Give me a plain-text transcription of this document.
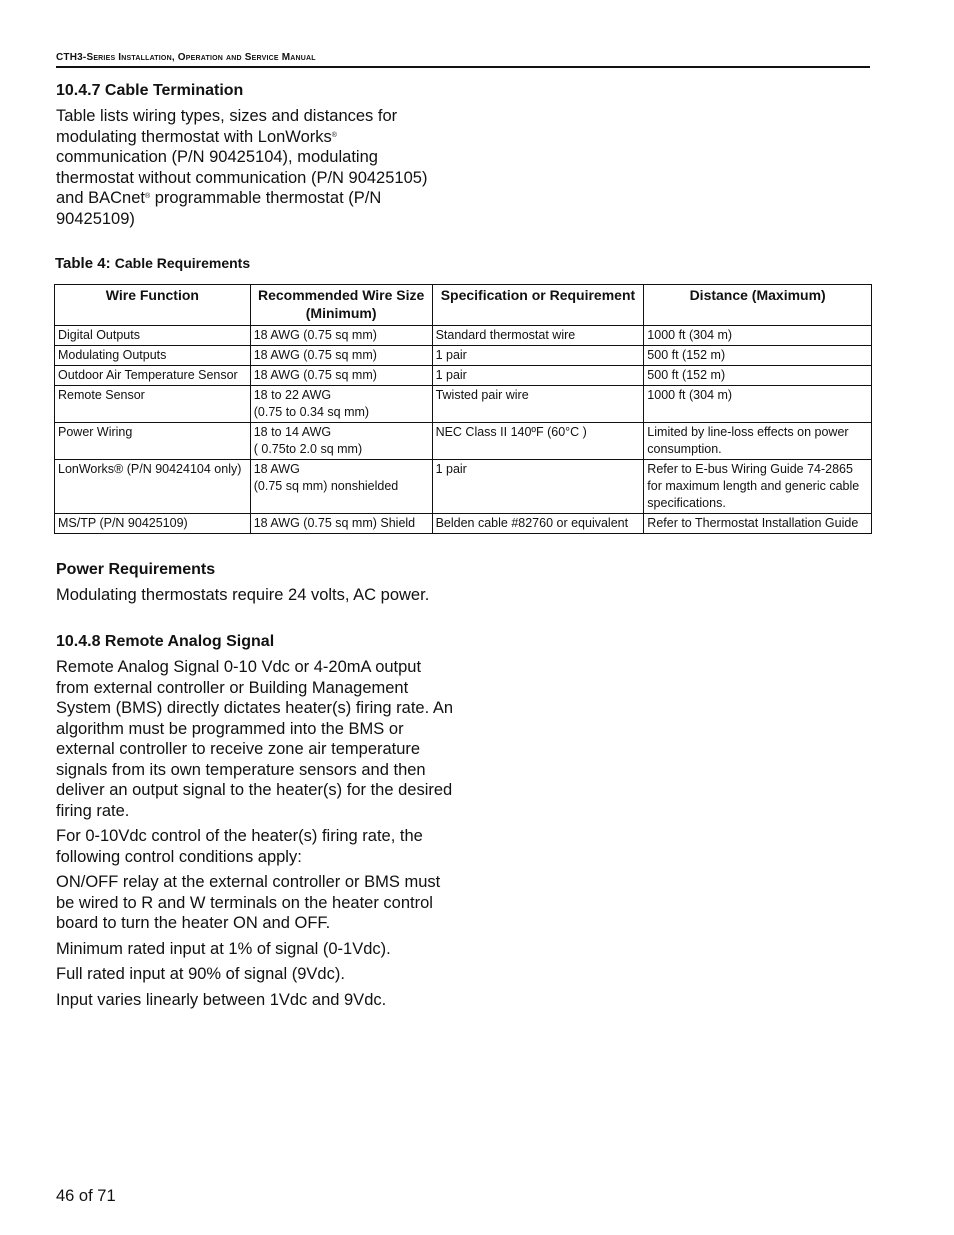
CTH3-Series Installation, Operation and Service Manual
10.4.7 Cable Termination

Table lists wiring types, sizes and distances for modulating thermostat with LonWorks® communication (P/N 90425104), modulating thermostat without communication (P/N 90425105) and BACnet® programmable thermostat (P/N 90425109)

Table 4: Cable Requirements
Wire Function	Recommended Wire Size (Minimum)	Specification or Requirement	Distance (Maximum)
Digital Outputs	18 AWG (0.75 sq mm)	Standard thermostat wire	1000 ft (304 m)
Modulating Outputs	18 AWG (0.75 sq mm)	1 pair	500 ft (152 m)
Outdoor Air Temperature Sensor	18 AWG (0.75 sq mm)	1 pair	500 ft (152 m)
Remote Sensor	18 to 22 AWG
(0.75 to 0.34 sq mm)	Twisted pair wire	1000 ft (304 m)
Power Wiring	18 to 14 AWG
( 0.75to 2.0 sq mm)	NEC Class II 140ºF (60°C )	Limited by line-loss effects on power consumption.
LonWorks® (P/N 90424104 only)	18 AWG
(0.75 sq mm) nonshielded	1 pair	Refer to E-bus Wiring Guide 74-2865 for maximum length and generic cable specifications.
MS/TP (P/N 90425109)	18 AWG (0.75 sq mm) Shield	Belden cable #82760 or equivalent	Refer to Thermostat Installation Guide
Power Requirements
Modulating thermostats require 24 volts, AC power.
10.4.8 Remote Analog Signal

Remote Analog Signal 0-10 Vdc or 4-20mA output from external controller or Building Management System (BMS) directly dictates heater(s) firing rate. An algorithm must be programmed into the BMS or external controller to receive zone air temperature signals from its own temperature sensors and then deliver an output signal to the heater(s) for the desired firing rate.

For 0-10Vdc control of the heater(s) firing rate, the following control conditions apply:

ON/OFF relay at the external controller or BMS must be wired to R and W terminals on the heater control board to turn the heater ON and OFF.

Minimum rated input at 1% of signal (0-1Vdc).

Full rated input at 90% of signal (9Vdc).

Input varies linearly between 1Vdc and 9Vdc.

46 of 71
